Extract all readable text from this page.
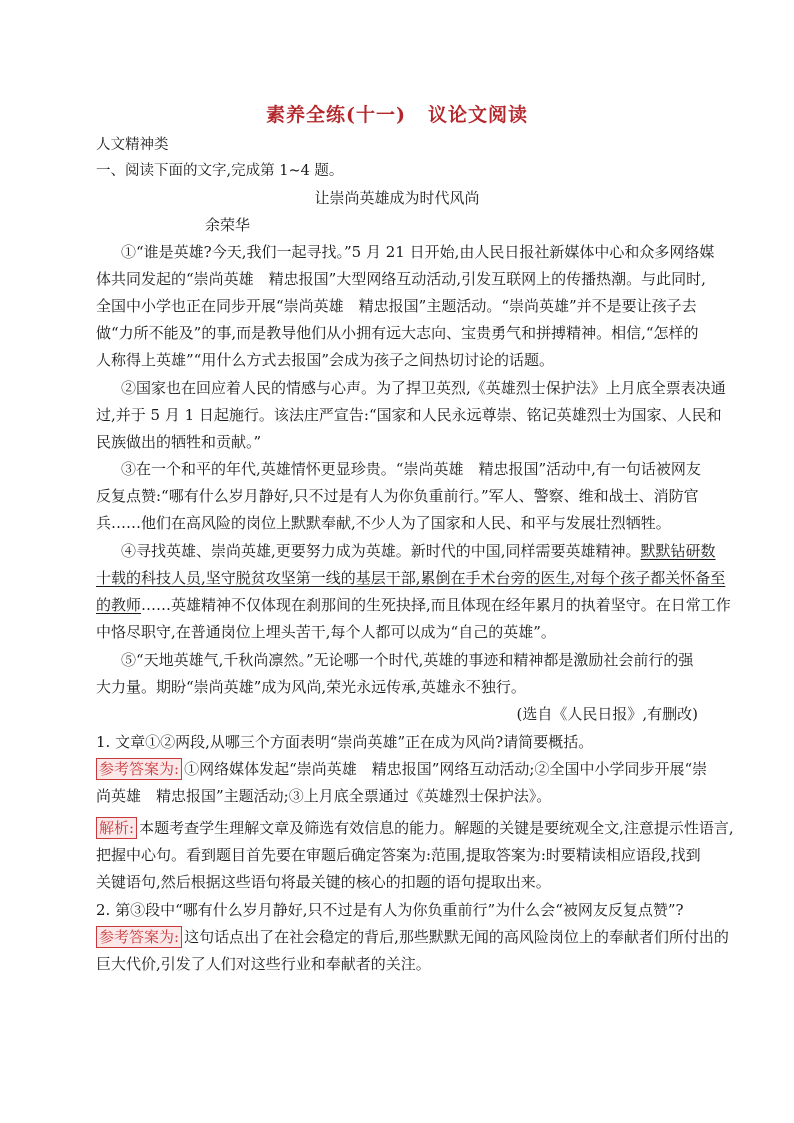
素养全练(十一) 议论文阅读
人文精神类
一、阅读下面的文字,完成第 1~4 题。
让崇尚英雄成为时代风尚
余荣华
①“谁是英雄?今天,我们一起寻找。”5 月 21 日开始,由人民日报社新媒体中心和众多网络媒
体共同发起的“崇尚英雄　精忠报国”大型网络互动活动,引发互联网上的传播热潮。与此同时,
全国中小学也正在同步开展“崇尚英雄　精忠报国”主题活动。“崇尚英雄”并不是要让孩子去
做“力所不能及”的事,而是教导他们从小拥有远大志向、宝贵勇气和拼搏精神。相信,“怎样的
人称得上英雄”“用什么方式去报国”会成为孩子之间热切讨论的话题。
②国家也在回应着人民的情感与心声。为了捍卫英烈,《英雄烈士保护法》上月底全票表决通
过,并于 5 月 1 日起施行。该法庄严宣告:“国家和人民永远尊崇、铭记英雄烈士为国家、人民和
民族做出的牺牲和贡献。”
③在一个和平的年代,英雄情怀更显珍贵。“崇尚英雄　精忠报国”活动中,有一句话被网友
反复点赞:“哪有什么岁月静好,只不过是有人为你负重前行。”军人、警察、维和战士、消防官
兵……他们在高风险的岗位上默默奉献,不少人为了国家和人民、和平与发展壮烈牺牲。
④寻找英雄、崇尚英雄,更要努力成为英雄。新时代的中国,同样需要英雄精神。默默钻研数
十载的科技人员,坚守脱贫攻坚第一线的基层干部,累倒在手术台旁的医生,对每个孩子都关怀备至
的教师……英雄精神不仅体现在刹那间的生死抉择,而且体现在经年累月的执着坚守。在日常工作
中恪尽职守,在普通岗位上埋头苦干,每个人都可以成为“自己的英雄”。
⑤“天地英雄气,千秋尚凛然。”无论哪一个时代,英雄的事迹和精神都是激励社会前行的强
大力量。期盼“崇尚英雄”成为风尚,荣光永远传承,英雄永不独行。
(选自《人民日报》,有删改)
1. 文章①②两段,从哪三个方面表明“崇尚英雄”正在成为风尚?请简要概括。
参考答案为: ①网络媒体发起“崇尚英雄　精忠报国”网络互动活动;②全国中小学同步开展“崇
尚英雄　精忠报国”主题活动;③上月底全票通过《英雄烈士保护法》。
解析: 本题考查学生理解文章及筛选有效信息的能力。解题的关键是要统观全文,注意提示性语言,
把握中心句。看到题目首先要在审题后确定答案为:范围,提取答案为:时要精读相应语段,找到
关键语句,然后根据这些语句将最关键的核心的扣题的语句提取出来。
2. 第③段中“哪有什么岁月静好,只不过是有人为你负重前行”为什么会“被网友反复点赞”?
参考答案为: 这句话点出了在社会稳定的背后,那些默默无闻的高风险岗位上的奉献者们所付出的
巨大代价,引发了人们对这些行业和奉献者的关注。
